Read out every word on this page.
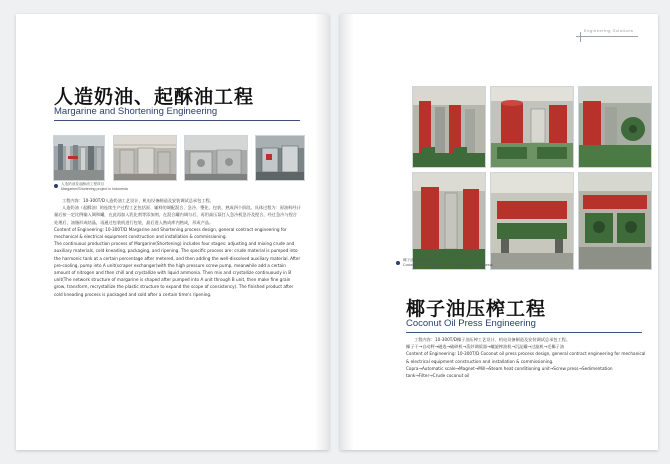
人造奶油、起酥油工程
Margarine and Shortening Engineering
人造奶油及起酥油工程项目
Margarine/Shortening project in Indonesia

工程内容：10-300T/D人造奶油工艺设计、机电设备制造及安装调试总承包工程。

人造奶油（起酥油）的连续生产过程工艺包括原、辅料的调配混合、急冷、塑化、包装、熟成四个阶段。具体过程为：原油料经计量后按一定比例输入调和罐，在此再加入乳化剂等添加剂，在混合罐内调匀后，再用高压泵打入急冷机急冷及捏合，经过急冷与捏合处理后，油脂形成结晶，再通过包装机进行包装，最后进入熟成库内熟成，形成产品。

Content of Engineering: 10-300T/D Margarine and Shortening process design, general contract engineering for mechanical & electrical equipment construction and installation & commissioning.

The continuous production process of Margarine(Shortening) includes four stages: adjusting and mixing crude and auxiliary materials, cold kneading, packaging, and ripening. The specific process are: crude material is pumped into the harmonic tank at a certain percentage after metered, and then adding the well-dissolved auxiliary material. After pre-cooling, pump into A unit(scraper exchanger)with the high pressure screw pump, meanwhile add a certain amount of nitrogen and then chill and crystallize with liquid ammonia. Then mix and crystallize continuously in B unit(The network structure of margarine is shaped after pumped into A unit through B unit, then make fine grain grow, transform, recrystallize the plastic structure to expand the scope of consistency). The finished product after cold kneading process is packaged and sold after a certain time's ripening.

Engineering Solutions
椰子油压榨工程项目
Coconut Oil Press project of Jiaxiang Shihu in Indonesia
椰子油压榨工程
Coconut Oil Press Engineering

工程内容：10-300T/D椰子油压榨工艺设计、机电设备制造及安装调试总承包工程。

椰子干→自动秤→磁选→破碎机→蒸炒调质器→螺旋榨油机→沉淀罐→过滤机→毛椰子油

Content of Engineering: 10-300T/D Coconut oil press process design, general contract engineering for mechanical & electrical equipment construction and installation & commissioning.

Copra→Automatic scale→Magnet→Mill→Steam heat conditioning unit→Screw press→Sedimentation tank→Filter→Crude coconut oil
